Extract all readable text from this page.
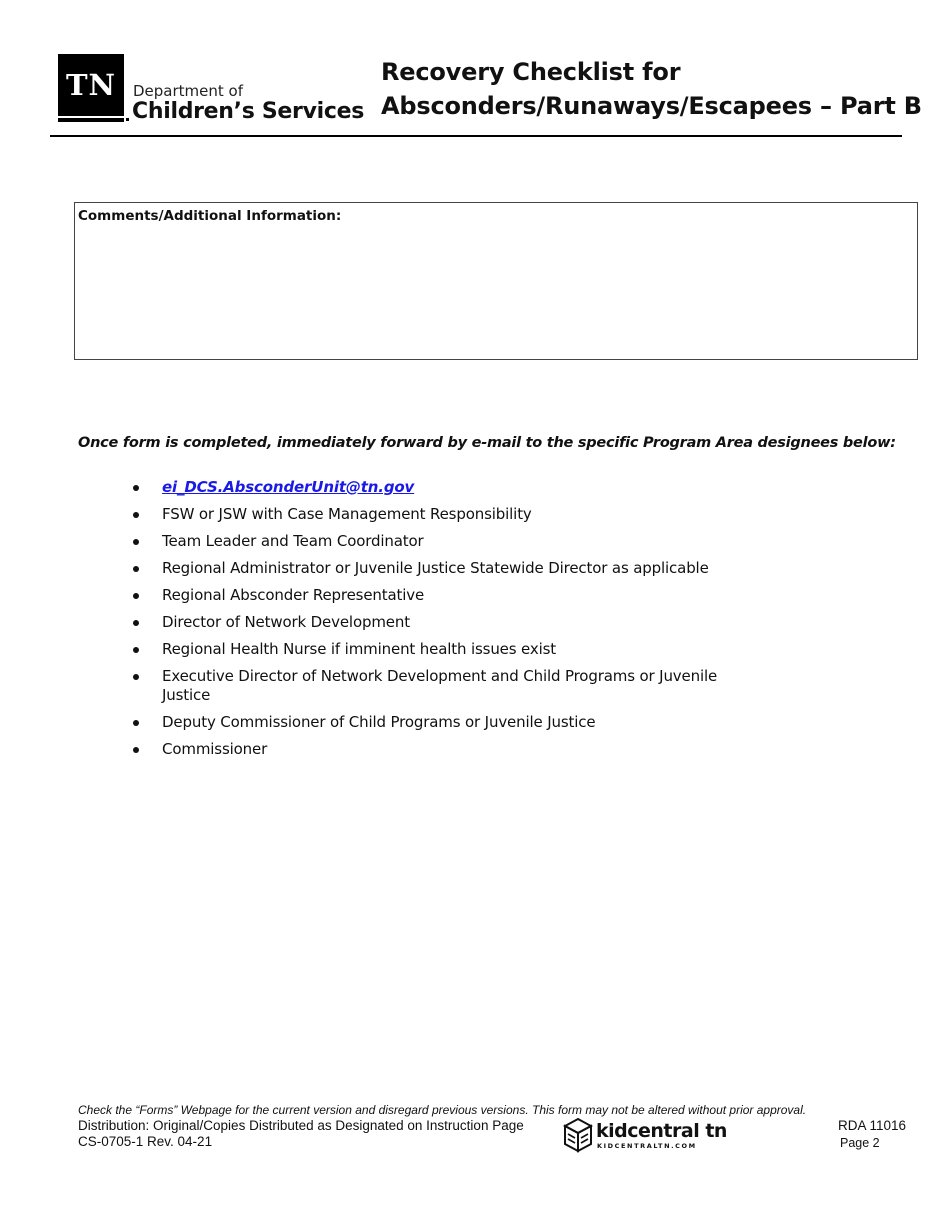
TN Department of
Children’s Services
Recovery Checklist for
Absconders/Runaways/Escapees – Part B
Comments/Additional Information:
Once form is completed, immediately forward by e-mail to the specific Program Area designees below:
ei_DCS.AbsconderUnit@tn.gov
FSW or JSW with Case Management Responsibility
Team Leader and Team Coordinator
Regional Administrator or Juvenile Justice Statewide Director as applicable
Regional Absconder Representative
Director of Network Development
Regional Health Nurse if imminent health issues exist
Executive Director of Network Development and Child Programs or Juvenile Justice
Deputy Commissioner of Child Programs or Juvenile Justice
Commissioner
Check the “Forms” Webpage for the current version and disregard previous versions. This form may not be altered without prior approval.
Distribution: Original/Copies Distributed as Designated on Instruction Page
CS-0705-1 Rev. 04-21
RDA 11016
Page 2
kidcentral tn
KIDCENTRALTN.COM
